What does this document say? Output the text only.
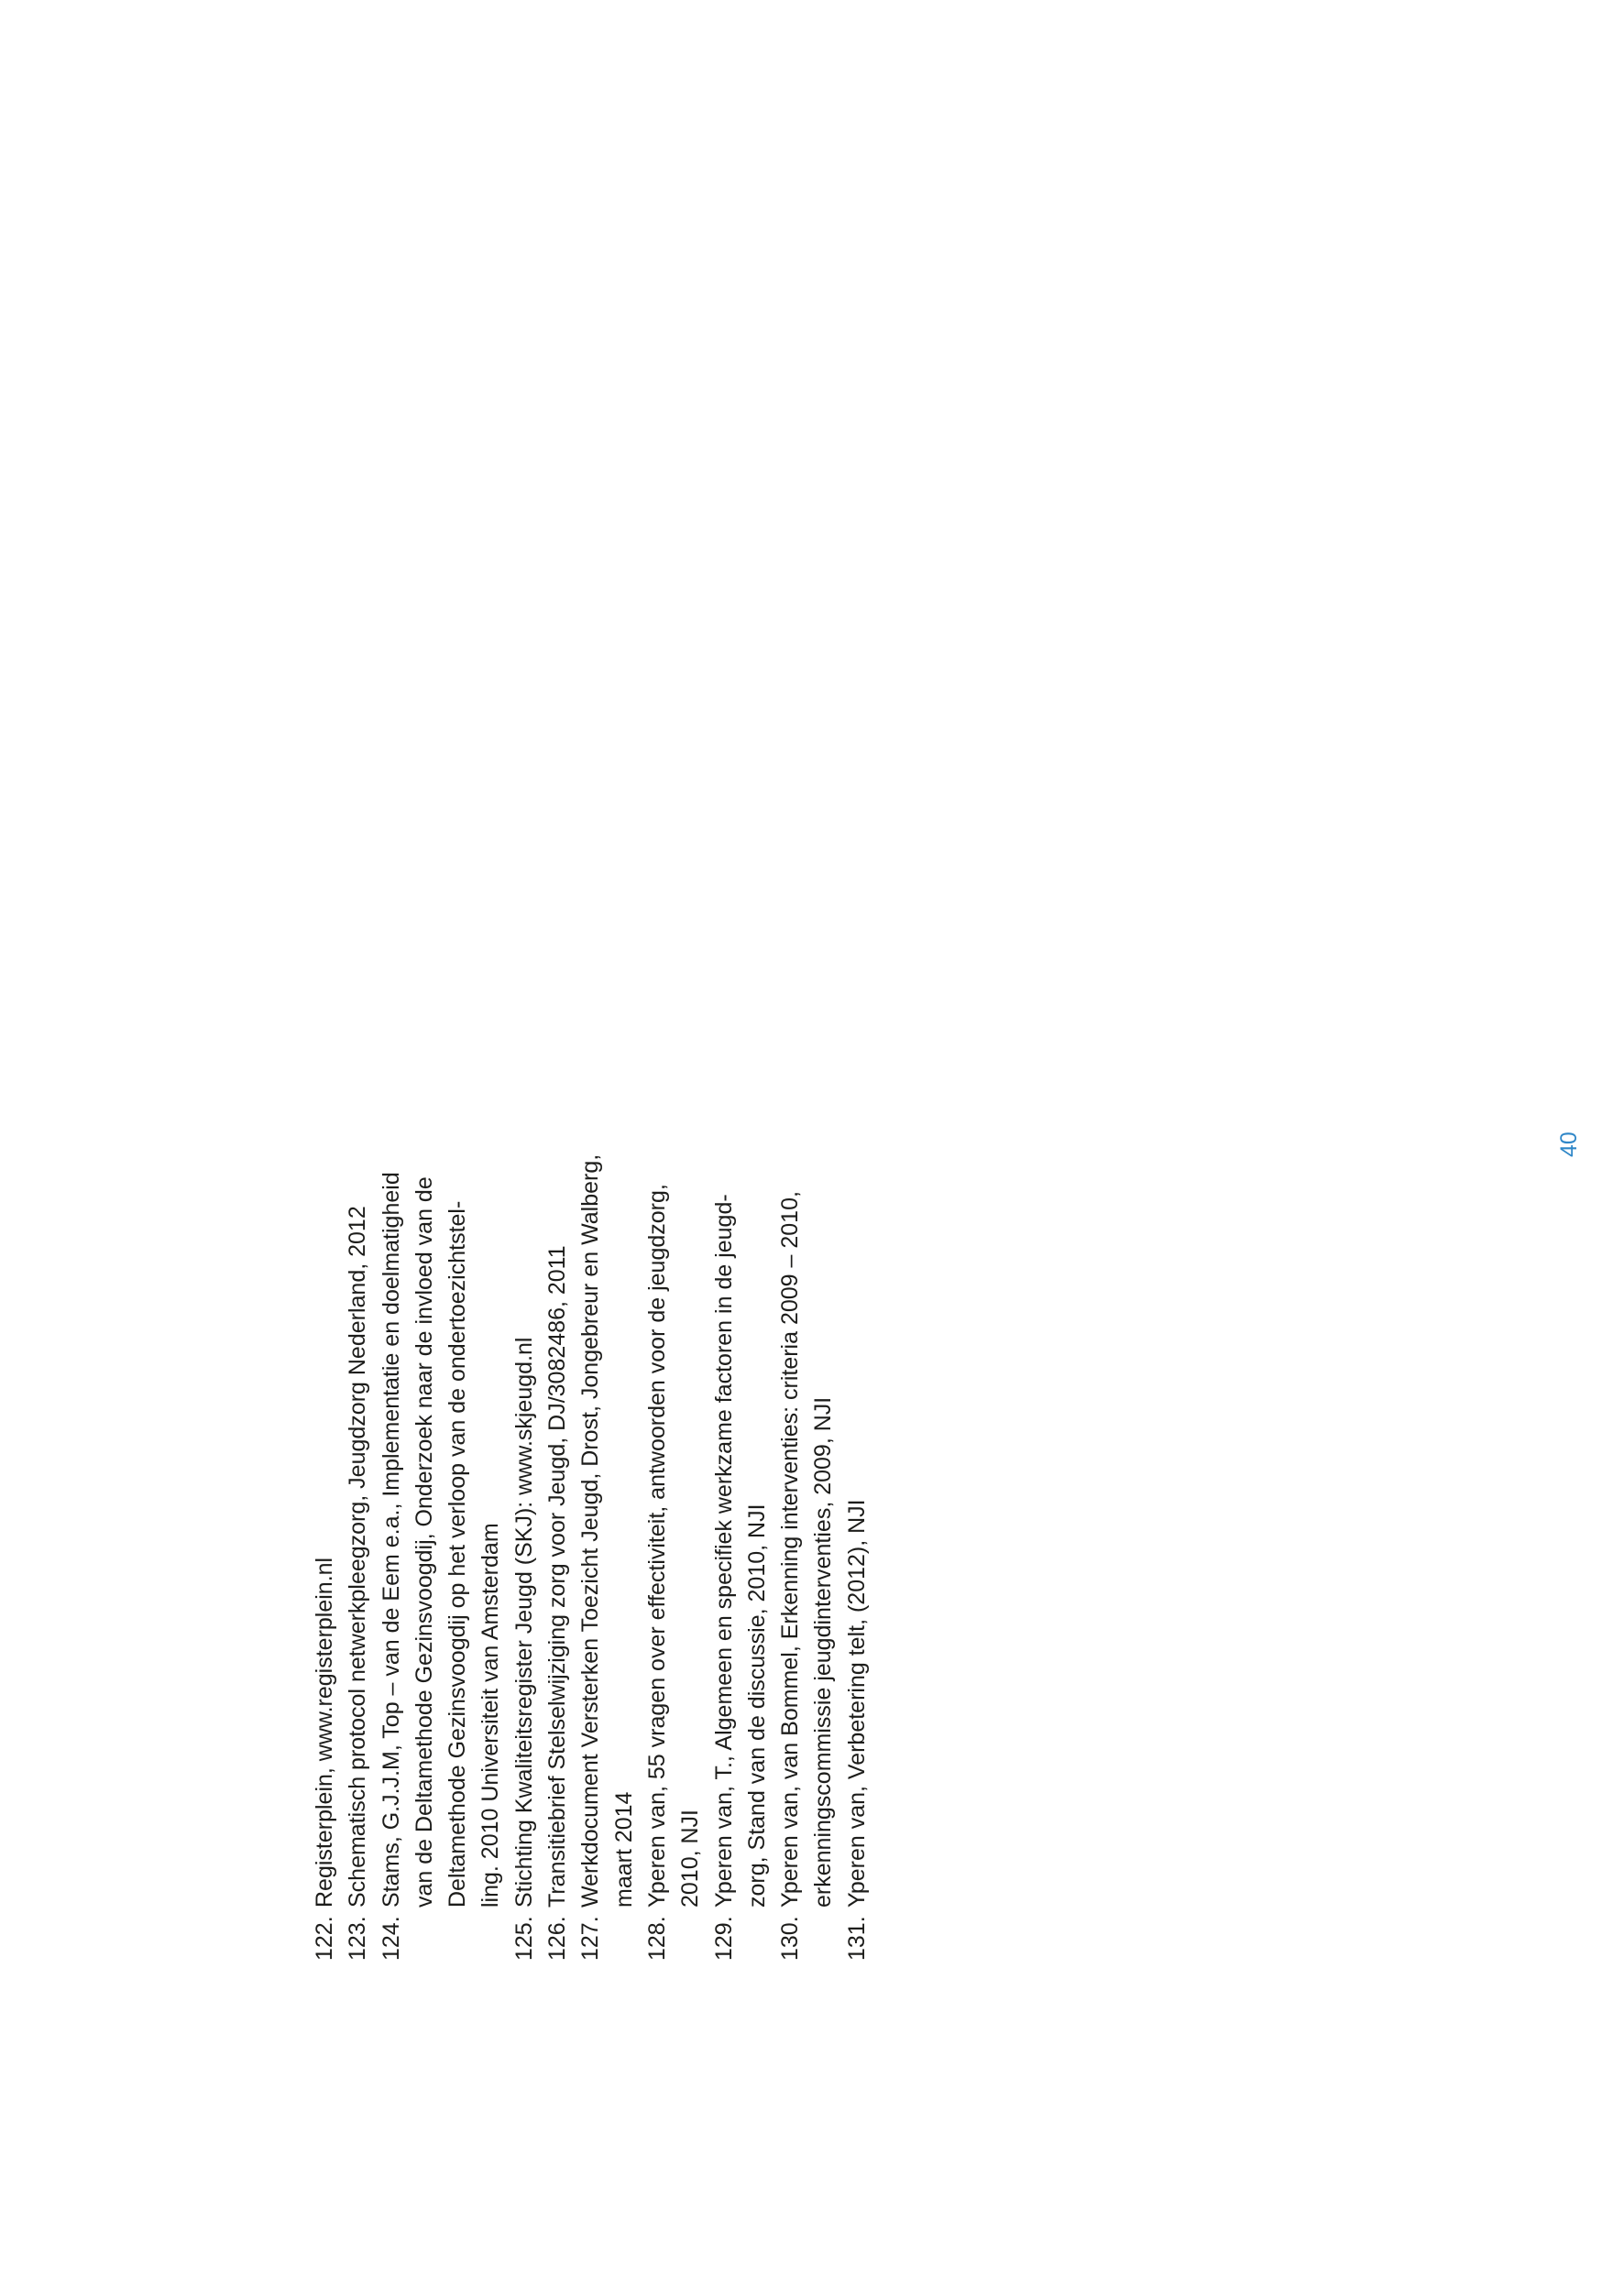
122.
Registerplein, www.registerplein.nl
123.
Schematisch protocol netwerkpleegzorg, Jeugdzorg Nederland, 2012
124.
Stams, G.J.J.M, Top – van de Eem e.a., Implementatie en doelmatigheid van de Deltamethode Gezinsvoogdij, Onderzoek naar de invloed van de Deltamethode Gezinsvoogdij op het verloop van de ondertoezichtstel- ling. 2010 Universiteit van Amsterdam
125.
Stichting Kwaliteitsregister Jeugd (SKJ): www.skjeugd.nl
126.
Transitiebrief Stelselwijziging zorg voor Jeugd, DJ/3082486, 2011
127.
Werkdocument Versterken Toezicht Jeugd, Drost, Jongebreur en Walberg, maart 2014
128.
Yperen van, 55 vragen over effectiviteit, antwoorden voor de jeugdzorg, 2010, NJI
129.
Yperen van, T., Algemeen en specifiek werkzame factoren in de jeugd- zorg, Stand van de discussie, 2010, NJI
130.
Yperen van, van Bommel, Erkenning interventies: criteria 2009 – 2010, erkenningscommissie jeugdinterventies, 2009, NJI
131.
Yperen van, Verbetering telt, (2012), NJI
40
